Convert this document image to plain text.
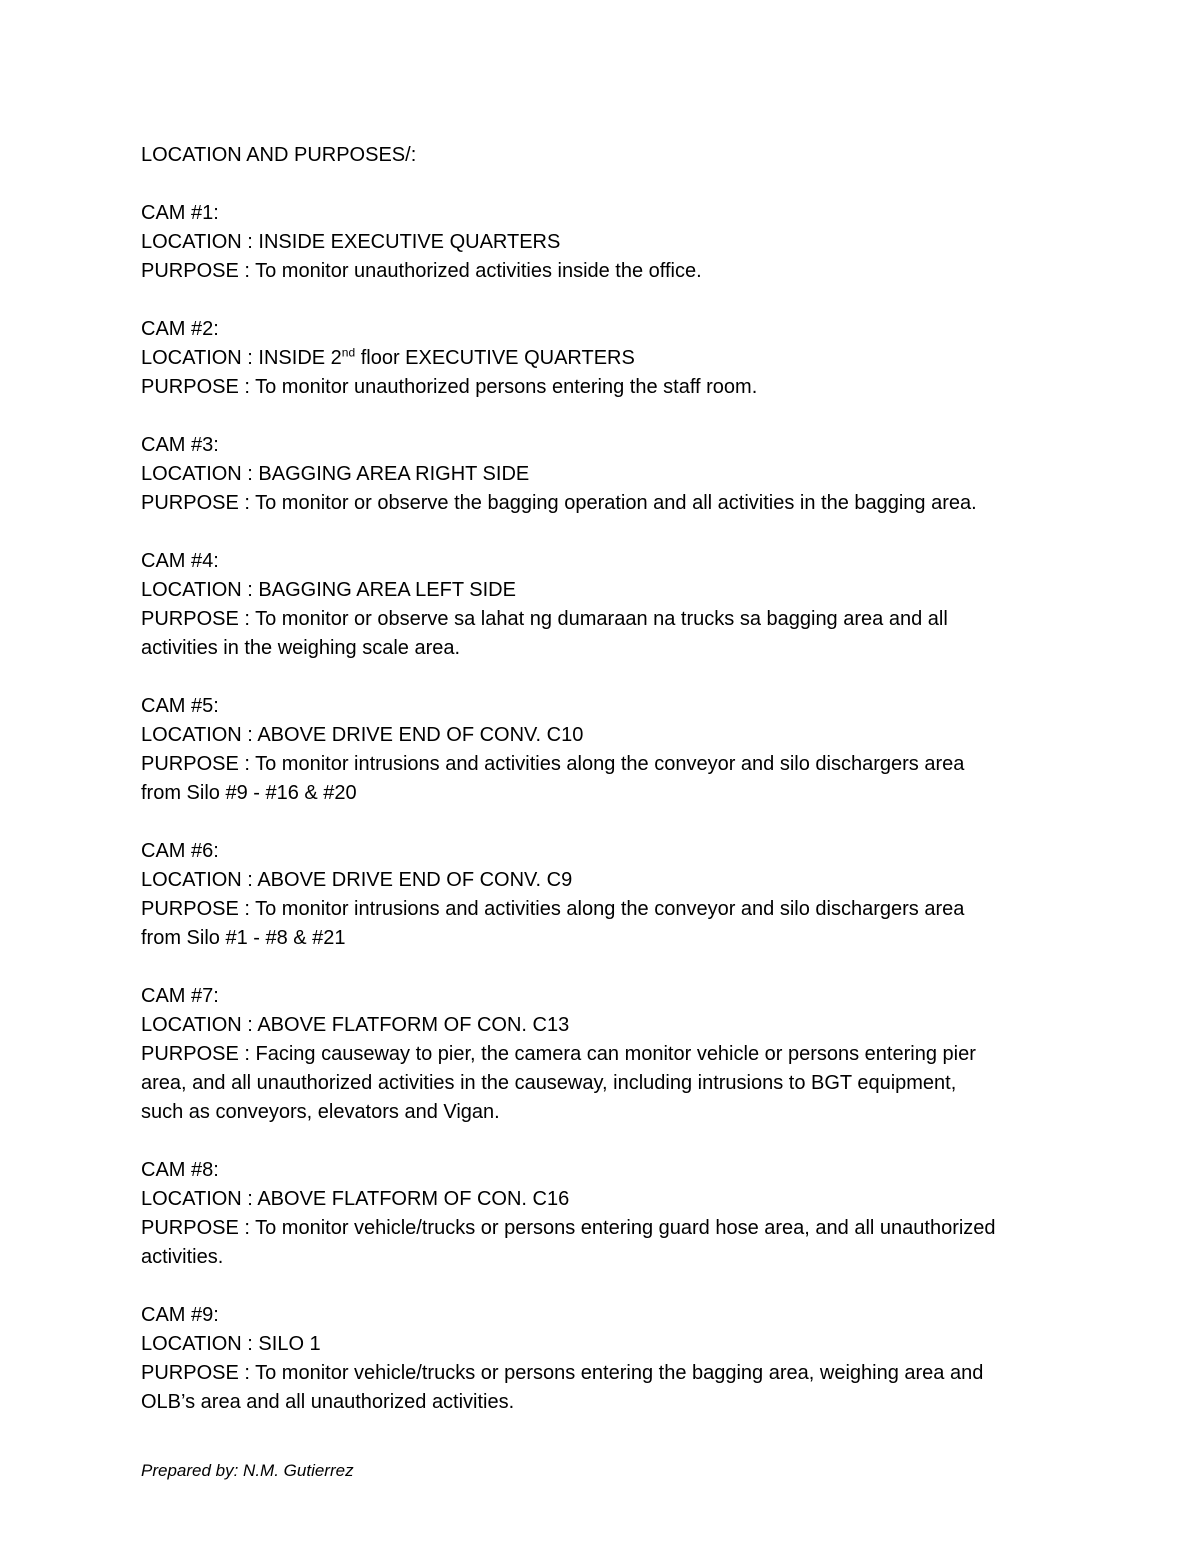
LOCATION AND PURPOSES/:
CAM #1:
LOCATION : INSIDE EXECUTIVE QUARTERS
PURPOSE : To monitor unauthorized activities inside the office.
CAM #2:
LOCATION : INSIDE 2nd floor EXECUTIVE QUARTERS
PURPOSE : To monitor unauthorized persons entering the staff room.
CAM #3:
LOCATION : BAGGING AREA RIGHT SIDE
PURPOSE : To monitor or observe the bagging operation and all activities in the bagging area.
CAM #4:
LOCATION : BAGGING AREA LEFT SIDE
PURPOSE : To monitor or observe sa lahat ng dumaraan na trucks sa bagging area and all
activities in the weighing scale area.
CAM #5:
LOCATION : ABOVE DRIVE END OF CONV. C10
PURPOSE : To monitor intrusions and activities along the conveyor and silo dischargers area
from Silo #9 - #16 & #20
CAM #6:
LOCATION : ABOVE DRIVE END OF CONV. C9
PURPOSE : To monitor intrusions and activities along the conveyor and silo dischargers area
from Silo #1 - #8 & #21
CAM #7:
LOCATION : ABOVE FLATFORM OF CON. C13
PURPOSE : Facing causeway to pier, the camera can monitor vehicle or persons entering pier
area, and all unauthorized activities in the causeway, including intrusions to BGT equipment,
such as conveyors, elevators and Vigan.
CAM #8:
LOCATION : ABOVE FLATFORM OF CON. C16
PURPOSE : To monitor vehicle/trucks or persons entering guard hose area, and all unauthorized
activities.
CAM #9:
LOCATION : SILO 1
PURPOSE : To monitor vehicle/trucks or persons entering the bagging area, weighing area and
OLB’s area and all unauthorized activities.
Prepared by: N.M. Gutierrez
